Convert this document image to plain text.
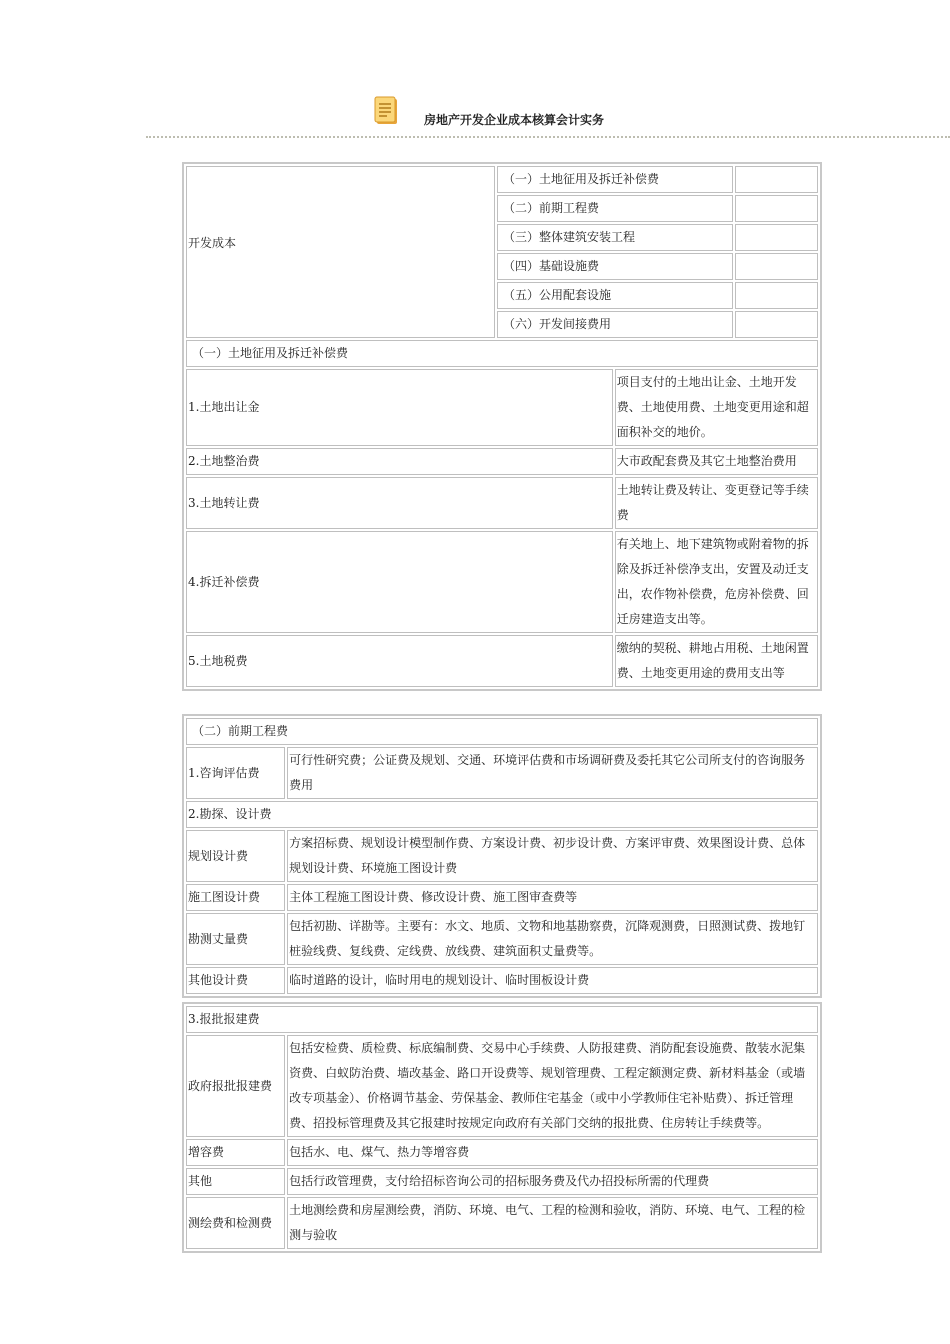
房地产开发企业成本核算会计实务
开发成本	（一）土地征用及拆迁补偿费		
	（二）前期工程费		
	（三）整体建筑安装工程		
	（四）基础设施费		
	（五）公用配套设施		
	（六）开发间接费用		
（一）土地征用及拆迁补偿费			
1.土地出让金		项目支付的土地出让金、土地开发费、土地使用费、土地变更用途和超面积补交的地价。	
2.土地整治费		大市政配套费及其它土地整治费用	
3.土地转让费		土地转让费及转让、变更登记等手续费	
4.拆迁补偿费		有关地上、地下建筑物或附着物的拆除及拆迁补偿净支出，安置及动迁支出，农作物补偿费，危房补偿费、回迁房建造支出等。	
5.土地税费		缴纳的契税、耕地占用税、土地闲置费、土地变更用途的费用支出等	
（二）前期工程费	
1.咨询评估费	可行性研究费；公证费及规划、交通、环境评估费和市场调研费及委托其它公司所支付的咨询服务费用
2.勘探、设计费	
规划设计费	方案招标费、规划设计模型制作费、方案设计费、初步设计费、方案评审费、效果图设计费、总体规划设计费、环境施工图设计费
施工图设计费	主体工程施工图设计费、修改设计费、施工图审查费等
勘测丈量费	包括初勘、详勘等。主要有：水文、地质、文物和地基勘察费，沉降观测费，日照测试费、拨地钉桩验线费、复线费、定线费、放线费、建筑面积丈量费等。
其他设计费	临时道路的设计，临时用电的规划设计、临时围板设计费
3.报批报建费	
政府报批报建费	包括安检费、质检费、标底编制费、交易中心手续费、人防报建费、消防配套设施费、散装水泥集资费、白蚁防治费、墙改基金、路口开设费等、规划管理费、工程定额测定费、新材料基金（或墙改专项基金）、价格调节基金、劳保基金、教师住宅基金（或中小学教师住宅补贴费）、拆迁管理费、招投标管理费及其它报建时按规定向政府有关部门交纳的报批费、住房转让手续费等。
增容费	包括水、电、煤气、热力等增容费
其他	包括行政管理费，支付给招标咨询公司的招标服务费及代办招投标所需的代理费
测绘费和检测费	土地测绘费和房屋测绘费，消防、环境、电气、工程的检测和验收，消防、环境、电气、工程的检测与验收
